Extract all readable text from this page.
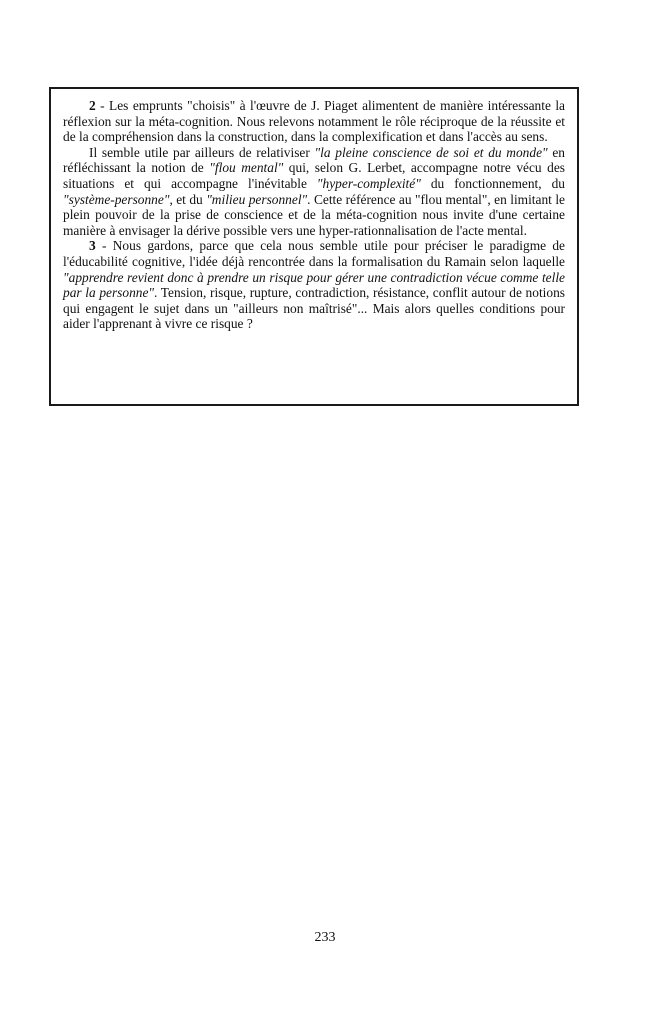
2 - Les emprunts "choisis" à l'œuvre de J. Piaget alimentent de manière intéressante la réflexion sur la méta-cognition. Nous relevons notamment le rôle réciproque de la réussite et de la compréhension dans la construction, dans la complexification et dans l'accès au sens.

Il semble utile par ailleurs de relativiser "la pleine conscience de soi et du monde" en réfléchissant la notion de "flou mental" qui, selon G. Lerbet, accompagne notre vécu des situations et qui accompagne l'inévitable "hyper-complexité" du fonctionnement, du "système-personne", et du "milieu personnel". Cette référence au "flou mental", en limitant le plein pouvoir de la prise de conscience et de la méta-cognition nous invite d'une certaine manière à envisager la dérive possible vers une hyper-rationnalisation de l'acte mental.

3 - Nous gardons, parce que cela nous semble utile pour préciser le paradigme de l'éducabilité cognitive, l'idée déjà rencontrée dans la formalisation du Ramain selon laquelle "apprendre revient donc à prendre un risque pour gérer une contradiction vécue comme telle par la personne". Tension, risque, rupture, contradiction, résistance, conflit autour de notions qui engagent le sujet dans un "ailleurs non maîtrisé"... Mais alors quelles conditions pour aider l'apprenant à vivre ce risque ?

233
